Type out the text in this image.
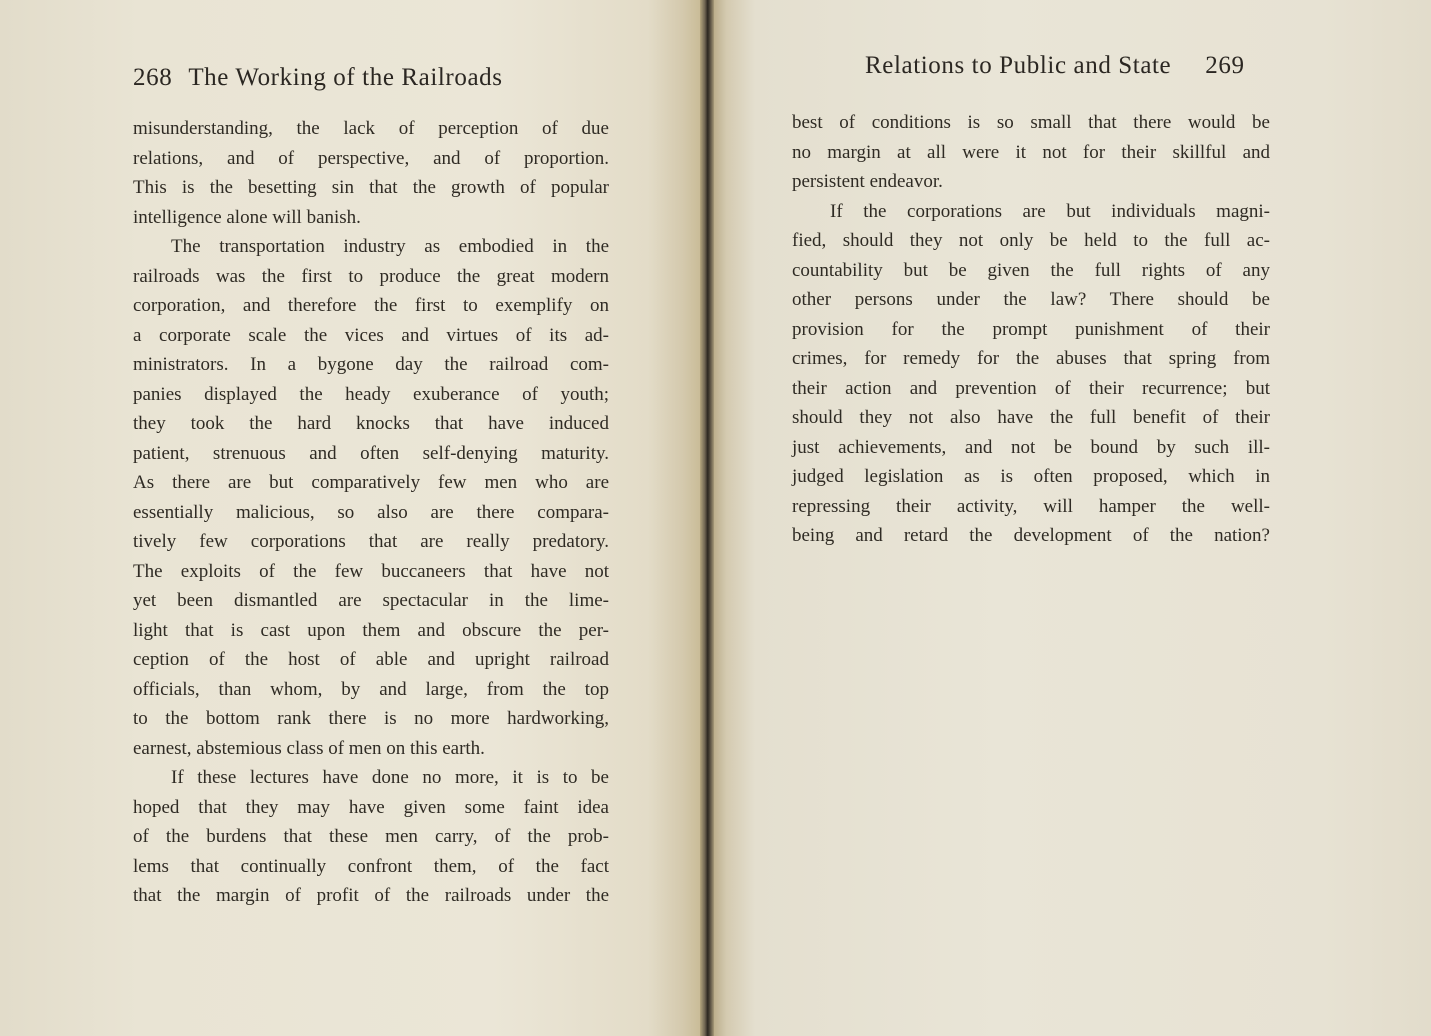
268 The Working of the Railroads	Relations to Public and State 269
misunderstanding, the lack of perception of due
relations, and of perspective, and of proportion.
This is the besetting sin that the growth of popular
intelligence alone will banish.
The transportation industry as embodied in the
railroads was the first to produce the great modern
corporation, and therefore the first to exemplify on
a corporate scale the vices and virtues of its ad-
ministrators. In a bygone day the railroad com-
panies displayed the heady exuberance of youth;
they took the hard knocks that have induced
patient, strenuous and often self-denying maturity.
As there are but comparatively few men who are
essentially malicious, so also are there compara-
tively few corporations that are really predatory.
The exploits of the few buccaneers that have not
yet been dismantled are spectacular in the lime-
light that is cast upon them and obscure the per-
ception of the host of able and upright railroad
officials, than whom, by and large, from the top
to the bottom rank there is no more hardworking,
earnest, abstemious class of men on this earth.
If these lectures have done no more, it is to be
hoped that they may have given some faint idea
of the burdens that these men carry, of the prob-
lems that continually confront them, of the fact
that the margin of profit of the railroads under the
best of conditions is so small that there would be
no margin at all were it not for their skillful and
persistent endeavor.
If the corporations are but individuals magni-
fied, should they not only be held to the full ac-
countability but be given the full rights of any
other persons under the law? There should be
provision for the prompt punishment of their
crimes, for remedy for the abuses that spring from
their action and prevention of their recurrence; but
should they not also have the full benefit of their
just achievements, and not be bound by such ill-
judged legislation as is often proposed, which in
repressing their activity, will hamper the well-
being and retard the development of the nation?
